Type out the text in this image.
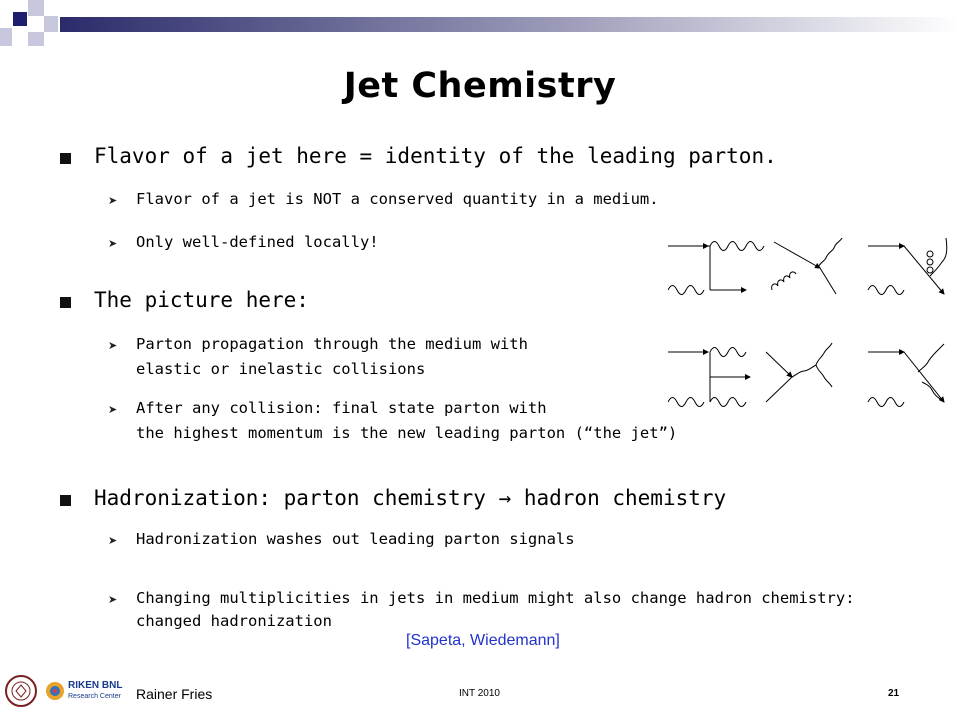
Jet Chemistry
Flavor of a jet here = identity of the leading parton.
➤ Flavor of a jet is NOT a conserved quantity in a medium.
➤ Only well-defined locally!
The picture here:
➤ Parton propagation through the medium with
elastic or inelastic collisions
➤ After any collision: final state parton with
the highest momentum is the new leading parton (“the jet”)
Hadronization: parton chemistry → hadron chemistry
➤ Hadronization washes out leading parton signals
➤ Changing multiplicities in jets in medium might also change hadron chemistry:
changed hadronization
[Sapeta, Wiedemann]
RIKEN BNL
Research Center Rainer Fries	INT 2010	21
